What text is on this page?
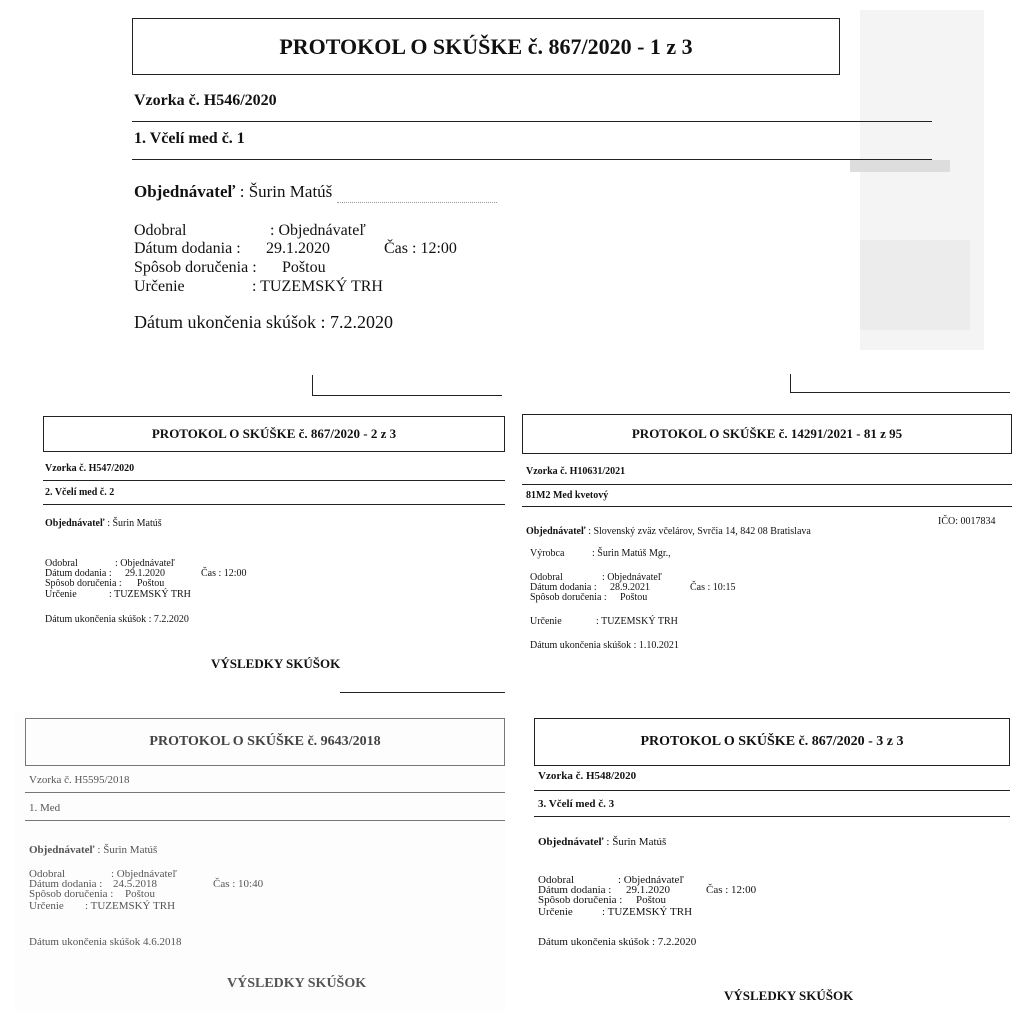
PROTOKOL O SKÚŠKE č. 867/2020 - 1 z 3
Vzorka č. H546/2020
1. Včelí med č. 1
Objednávateľ : Šurin Matúš
Odobral	: Objednávateľ
Dátum dodania : 29.1.2020	Čas : 12:00
Spôsob doručenia : Poštou
Určenie	: TUZEMSKÝ TRH
Dátum ukončenia skúšok : 7.2.2020
PROTOKOL O SKÚŠKE č. 867/2020 - 2 z 3
Vzorka č. H547/2020
2. Včelí med č. 2
Objednávateľ : Šurin Matúš
Odobral	: Objednávateľ
Dátum dodania : 29.1.2020	Čas : 12:00
Spôsob doručenia : Poštou
Určenie	: TUZEMSKÝ TRH
Dátum ukončenia skúšok : 7.2.2020
VÝSLEDKY SKÚŠOK
PROTOKOL O SKÚŠKE č. 14291/2021 - 81 z 95
Vzorka č. H10631/2021
81M2 Med kvetový
Objednávateľ : Slovenský zväz včelárov, Svrčia 14, 842 08 Bratislava
IČO: 0017834
Výrobca	: Šurin Matúš Mgr.,
Odobral	: Objednávateľ
Dátum dodania : 28.9.2021	Čas : 10:15
Spôsob doručenia : Poštou
Určenie	: TUZEMSKÝ TRH
Dátum ukončenia skúšok : 1.10.2021
PROTOKOL O SKÚŠKE č. 9643/2018
Vzorka č. H5595/2018
1. Med
Objednávateľ : Šurin Matúš
Odobral	: Objednávateľ
Dátum dodania : 24.5.2018	Čas : 10:40
Spôsob doručenia : Poštou
Určenie : TUZEMSKÝ TRH
Dátum ukončenia skúšok 4.6.2018
VÝSLEDKY SKÚŠOK
PROTOKOL O SKÚŠKE č. 867/2020 - 3 z 3
Vzorka č. H548/2020
3. Včelí med č. 3
Objednávateľ : Šurin Matúš
Odobral	: Objednávateľ
Dátum dodania : 29.1.2020	Čas : 12:00
Spôsob doručenia : Poštou
Určenie	: TUZEMSKÝ TRH
Dátum ukončenia skúšok : 7.2.2020
VÝSLEDKY SKÚŠOK
